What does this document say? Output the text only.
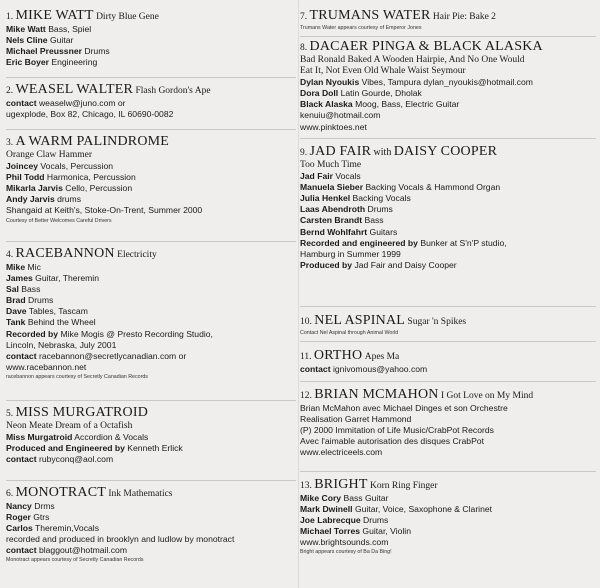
1. MIKE WATT Dirty Blue Gene
Mike Watt Bass, Spiel
Nels Cline Guitar
Michael Preussner Drums
Eric Boyer Engineering
2. WEASEL WALTER Flash Gordon's Ape
contact weaselw@juno.com or
ugexplode, Box 82, Chicago, IL 60690-0082
3. A WARM PALINDROME
Orange Claw Hammer
Joincey Vocals, Percussion
Phil Todd Harmonica, Percussion
Mikarla Jarvis Cello, Percussion
Andy Jarvis drums
Shangaid at Keith's, Stoke-On-Trent, Summer 2000
Courtesy of Better Welcomes Careful Drivers
4. RACEBANNON Electricity
Mike Mic
James Guitar, Theremin
Sal Bass
Brad Drums
Dave Tables, Tascam
Tank Behind the Wheel
Recorded by Mike Mogis @ Presto Recording Studio,
Lincoln, Nebraska, July 2001
contact racebannon@secretlycanadian.com or
www.racebannon.net
racebannon appears courtesy of Secretly Canadian Records
5. MISS MURGATROID
Neon Meate Dream of a Octafish
Miss Murgatroid Accordion & Vocals
Produced and Engineered by Kenneth Erlick
contact rubyconq@aol.com
6. MONOTRACT Ink Mathematics
Nancy Drms
Roger Gtrs
Carlos Theremin,Vocals
recorded and produced in brooklyn and ludlow by monotract
contact blaggout@hotmail.com
Monotract appears courtesy of Secretly Canadian Records
7. TRUMANS WATER Hair Pie: Bake 2
Trumans Water appears courtesy of Emperor Jones
8. DACAER PINGA & BLACK ALASKA
Bad Ronald Baked A Wooden Hairpie, And No One Would
Eat It, Not Even Old Whale Waist Seymour
Dylan Nyoukis Vibes, Tampura dylan_nyoukis@hotmail.com
Dora Doll Latin Gourde, Dholak
Black Alaska Moog, Bass, Electric Guitar
kenuiu@hotmail.com
www.pinktoes.net
9. JAD FAIR with DAISY COOPER
Too Much Time
Jad Fair Vocals
Manuela Sieber Backing Vocals & Hammond Organ
Julia Henkel Backing Vocals
Laas Abendroth Drums
Carsten Brandt Bass
Bernd Wohlfahrt Guitars
Recorded and engineered by Bunker at S'n'P studio,
Hamburg in Summer 1999
Produced by Jad Fair and Daisy Cooper
10. NEL ASPINAL Sugar 'n Spikes
Contact Nel Aspinal through Animal World
11. ORTHO Apes Ma
contact ignivomous@yahoo.com
12. BRIAN MCMAHON I Got Love on My Mind
Brian McMahon avec Michael Dinges et son Orchestre
Realisation Garret Hammond
(P) 2000 Immitation of Life Music/CrabPot Records
Avec l'aimable autorisation des disques CrabPot
www.electriceels.com
13. BRIGHT Korn Ring Finger
Mike Cory Bass Guitar
Mark Dwinell Guitar, Voice, Saxophone & Clarinet
Joe Labrecque Drums
Michael Torres Guitar, Violin
www.brightsounds.com
Bright appears courtesy of Ba Da Bing!
